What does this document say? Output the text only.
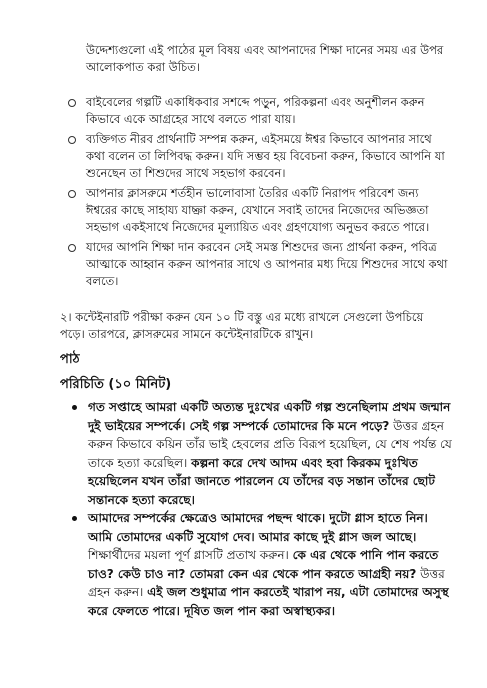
উদ্দেশ্যগুলো এই পাঠের মূল বিষয় এবং আপনাদের শিক্ষা দানের সময় এর উপর আলোকপাত করা উচিত।

বাইবেলের গল্পটি একাধিকবার সশব্দে পড়ুন, পরিকল্পনা এবং অনুশীলন করুন কিভাবে একে আগ্রহের সাথে বলতে পারা যায়।
ব্যক্তিগত নীরব প্রার্থনাটি সম্পন্ন করুন, এইসময়ে ঈশ্বর কিভাবে আপনার সাথে কথা বলেন তা লিপিবদ্ধ করুন। যদি সম্ভব হয় বিবেচনা করুন, কিভাবে আপনি যা শুনেছেন তা শিশুদের সাথে সহভাগ করবেন।
আপনার ক্লাসরুমে শর্তহীন ভালোবাসা তৈরির একটি নিরাপদ পরিবেশ জন্য ঈশ্বরের কাছে সাহায্য যাচ্ঞা করুন, যেখানে সবাই তাদের নিজেদের অভিজ্ঞতা সহভাগ একইসাথে নিজেদের মূল্যায়িত এবং গ্রহণযোগ্য অনুভব করতে পারে।
যাদের আপনি শিক্ষা দান করবেন সেই সমস্ত শিশুদের জন্য প্রার্থনা করুন, পবিত্র আত্মাকে আহ্বান করুন আপনার সাথে ও আপনার মধ্য দিয়ে শিশুদের সাথে কথা বলতে।

২। কন্টেইনারটি পরীক্ষা করুন যেন ১০ টি বস্তু এর মধ্যে রাখলে সেগুলো উপচিয়ে পড়ে। তারপরে, ক্লাসরুমের সামনে কন্টেইনারটিকে রাখুন।

পাঠ
পরিচিতি (১০ মিনিট)
গত সপ্তাহে আমরা একটি অত্যন্ত দুঃখের একটি গল্প শুনেছিলাম প্রথম জন্মান দুই ভাইয়ের সম্পর্কে। সেই গল্প সম্পর্কে তোমাদের কি মনে পড়ে? উত্তর গ্রহন করুন কিভাবে কয়িন তাঁর ভাই হেবলের প্রতি বিরূপ হয়েছিল, যে শেষ পর্যন্ত যে তাকে হত্যা করেছিল। কল্পনা করে দেখ আদম এবং হবা কিরকম দুঃখিত হয়েছিলেন যখন তাঁরা জানতে পারলেন যে তাঁদের বড় সন্তান তাঁদের ছোট সন্তানকে হত্যা করেছে।
আমাদের সম্পর্কের ক্ষেত্রেও আমাদের পছন্দ থাকে। দুটো গ্লাস হাতে নিন। আমি তোমাদের একটি সুযোগ দেব। আমার কাছে দুই গ্লাস জল আছে। শিক্ষার্থীদের ময়লা পূর্ণ গ্লাসটি প্রতাখ করুন। কে এর থেকে পানি পান করতে চাও? কেউ চাও না? তোমরা কেন এর থেকে পান করতে আগ্রহী নয়? উত্তর গ্রহন করুন। এই জল শুধুমাত্র পান করতেই খারাপ নয়, এটা তোমাদের অসুস্থ করে ফেলতে পারে। দূষিত জল পান করা অস্বাস্থ্যকর।
